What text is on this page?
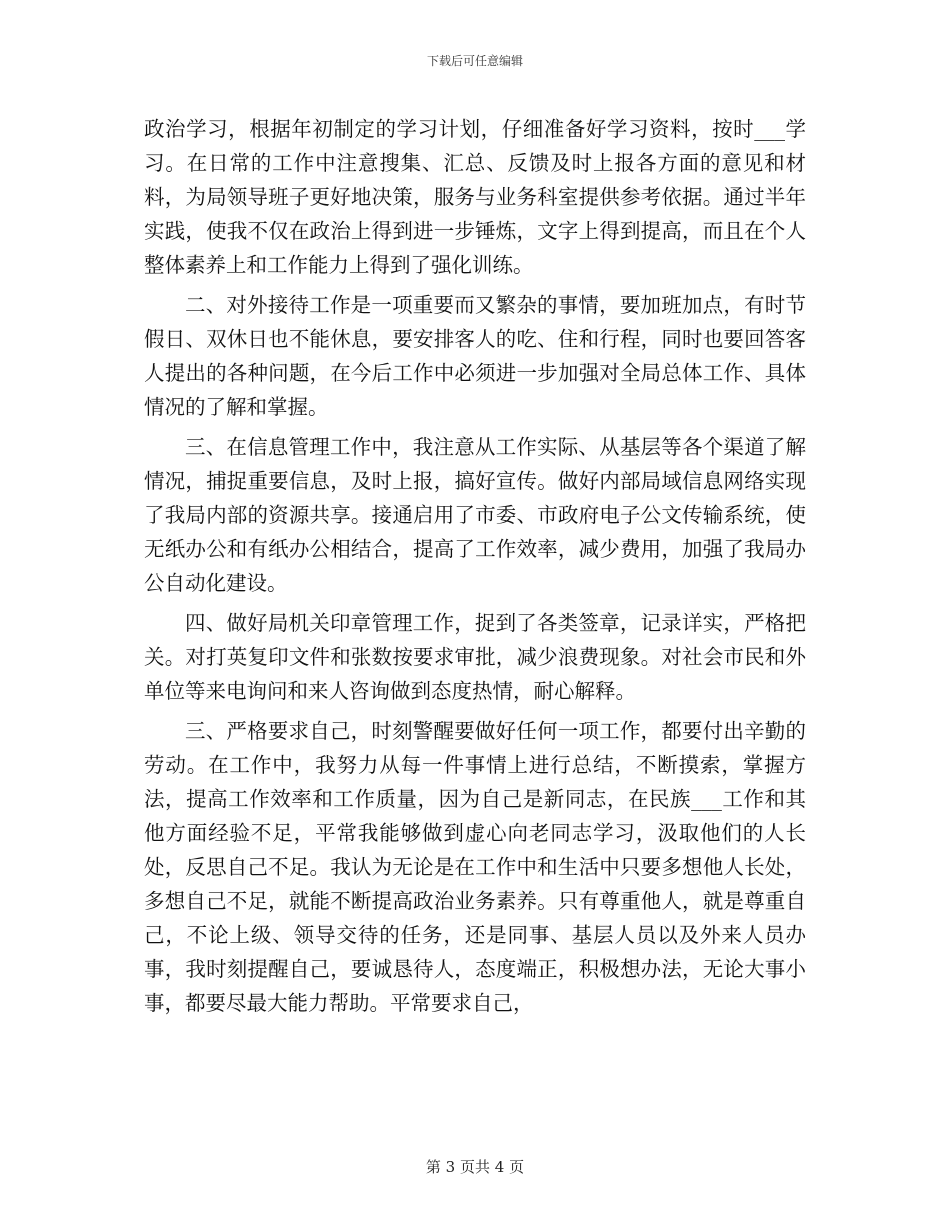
下载后可任意编辑

政治学习，根据年初制定的学习计划，仔细准备好学习资料，按时___学习。在日常的工作中注意搜集、汇总、反馈及时上报各方面的意见和材料，为局领导班子更好地决策，服务与业务科室提供参考依据。通过半年实践，使我不仅在政治上得到进一步锤炼，文字上得到提高，而且在个人整体素养上和工作能力上得到了强化训练。

二、对外接待工作是一项重要而又繁杂的事情，要加班加点，有时节假日、双休日也不能休息，要安排客人的吃、住和行程，同时也要回答客人提出的各种问题，在今后工作中必须进一步加强对全局总体工作、具体情况的了解和掌握。

三、在信息管理工作中，我注意从工作实际、从基层等各个渠道了解情况，捕捉重要信息，及时上报，搞好宣传。做好内部局域信息网络实现了我局内部的资源共享。接通启用了市委、市政府电子公文传输系统，使无纸办公和有纸办公相结合，提高了工作效率，减少费用，加强了我局办公自动化建设。

四、做好局机关印章管理工作，捉到了各类签章，记录详实，严格把关。对打英复印文件和张数按要求审批，减少浪费现象。对社会市民和外单位等来电询问和来人咨询做到态度热情，耐心解释。

三、严格要求自己，时刻警醒要做好任何一项工作，都要付出辛勤的劳动。在工作中，我努力从每一件事情上进行总结，不断摸索，掌握方法，提高工作效率和工作质量，因为自己是新同志，在民族___工作和其他方面经验不足，平常我能够做到虚心向老同志学习，汲取他们的人长处，反思自己不足。我认为无论是在工作中和生活中只要多想他人长处，多想自己不足，就能不断提高政治业务素养。只有尊重他人，就是尊重自己，不论上级、领导交待的任务，还是同事、基层人员以及外来人员办事，我时刻提醒自己，要诚恳待人，态度端正，积极想办法，无论大事小事，都要尽最大能力帮助。平常要求自己，

第 3 页共 4 页
